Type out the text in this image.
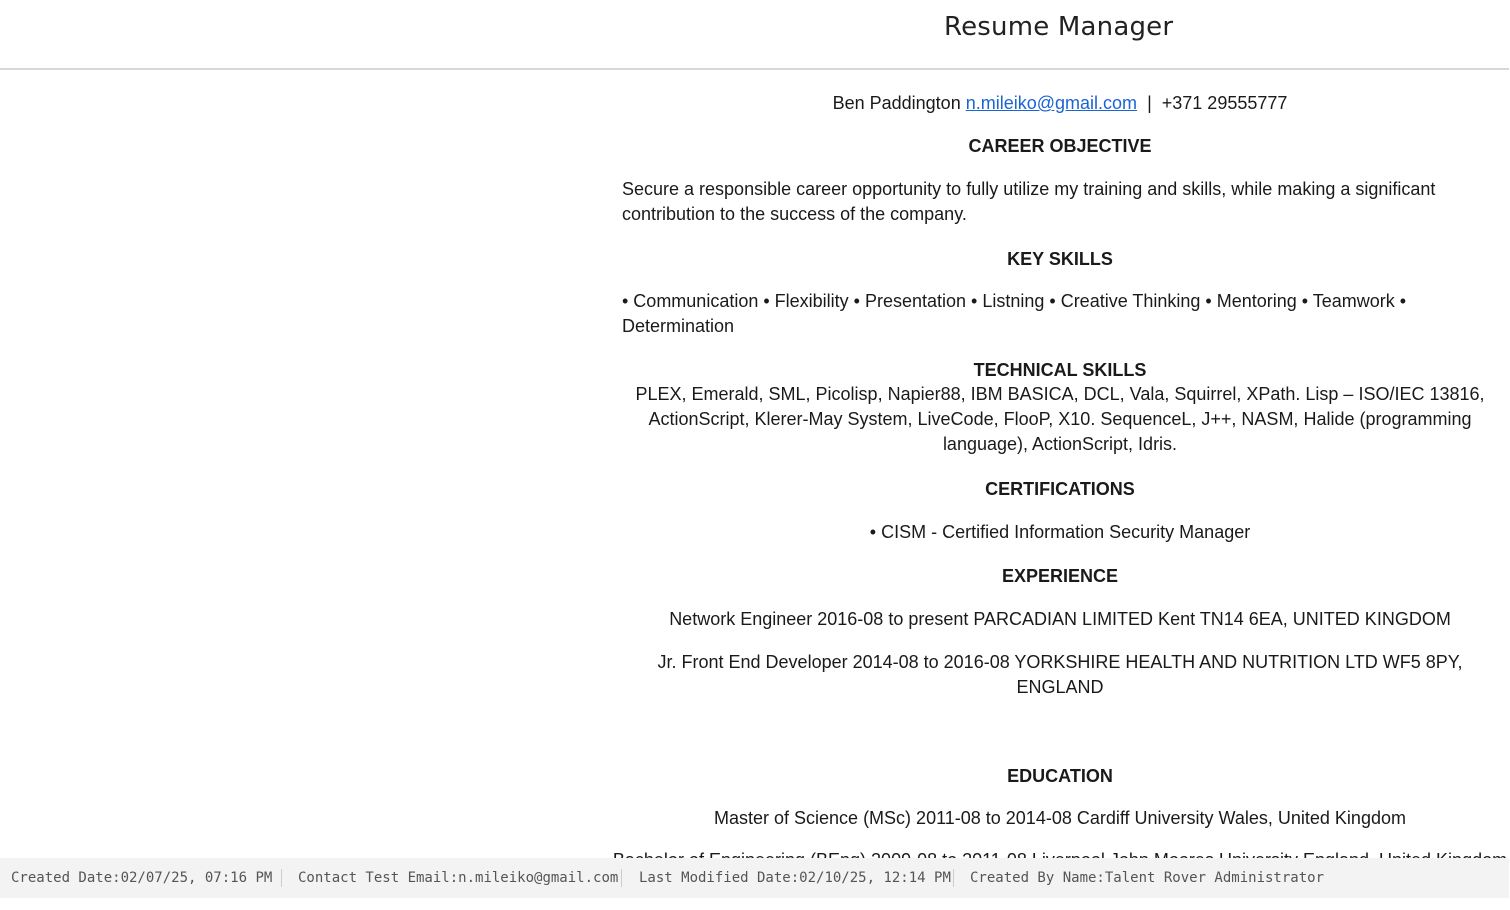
Resume Manager
Ben Paddington n.mileiko@gmail.com | +371 29555777
CAREER OBJECTIVE
Secure a responsible career opportunity to fully utilize my training and skills, while making a significant contribution to the success of the company.
KEY SKILLS
• Communication • Flexibility • Presentation • Listning • Creative Thinking • Mentoring • Teamwork • Determination
TECHNICAL SKILLS
PLEX, Emerald, SML, Picolisp, Napier88, IBM BASICA, DCL, Vala, Squirrel, XPath. Lisp – ISO/IEC 13816, ActionScript, Klerer-May System, LiveCode, FlooP, X10. SequenceL, J++, NASM, Halide (programming language), ActionScript, Idris.
CERTIFICATIONS
• CISM - Certified Information Security Manager
EXPERIENCE
Network Engineer 2016-08 to present PARCADIAN LIMITED Kent TN14 6EA, UNITED KINGDOM
Jr. Front End Developer 2014-08 to 2016-08 YORKSHIRE HEALTH AND NUTRITION LTD WF5 8PY, ENGLAND
EDUCATION
Master of Science (MSc) 2011-08 to 2014-08 Cardiff University Wales, United Kingdom
Created Date:02/07/25, 07:16 PM Contact Test Email:n.mileiko@gmail.com Last Modified Date:02/10/25, 12:14 PM Created By Name:Talent Rover Administrator
